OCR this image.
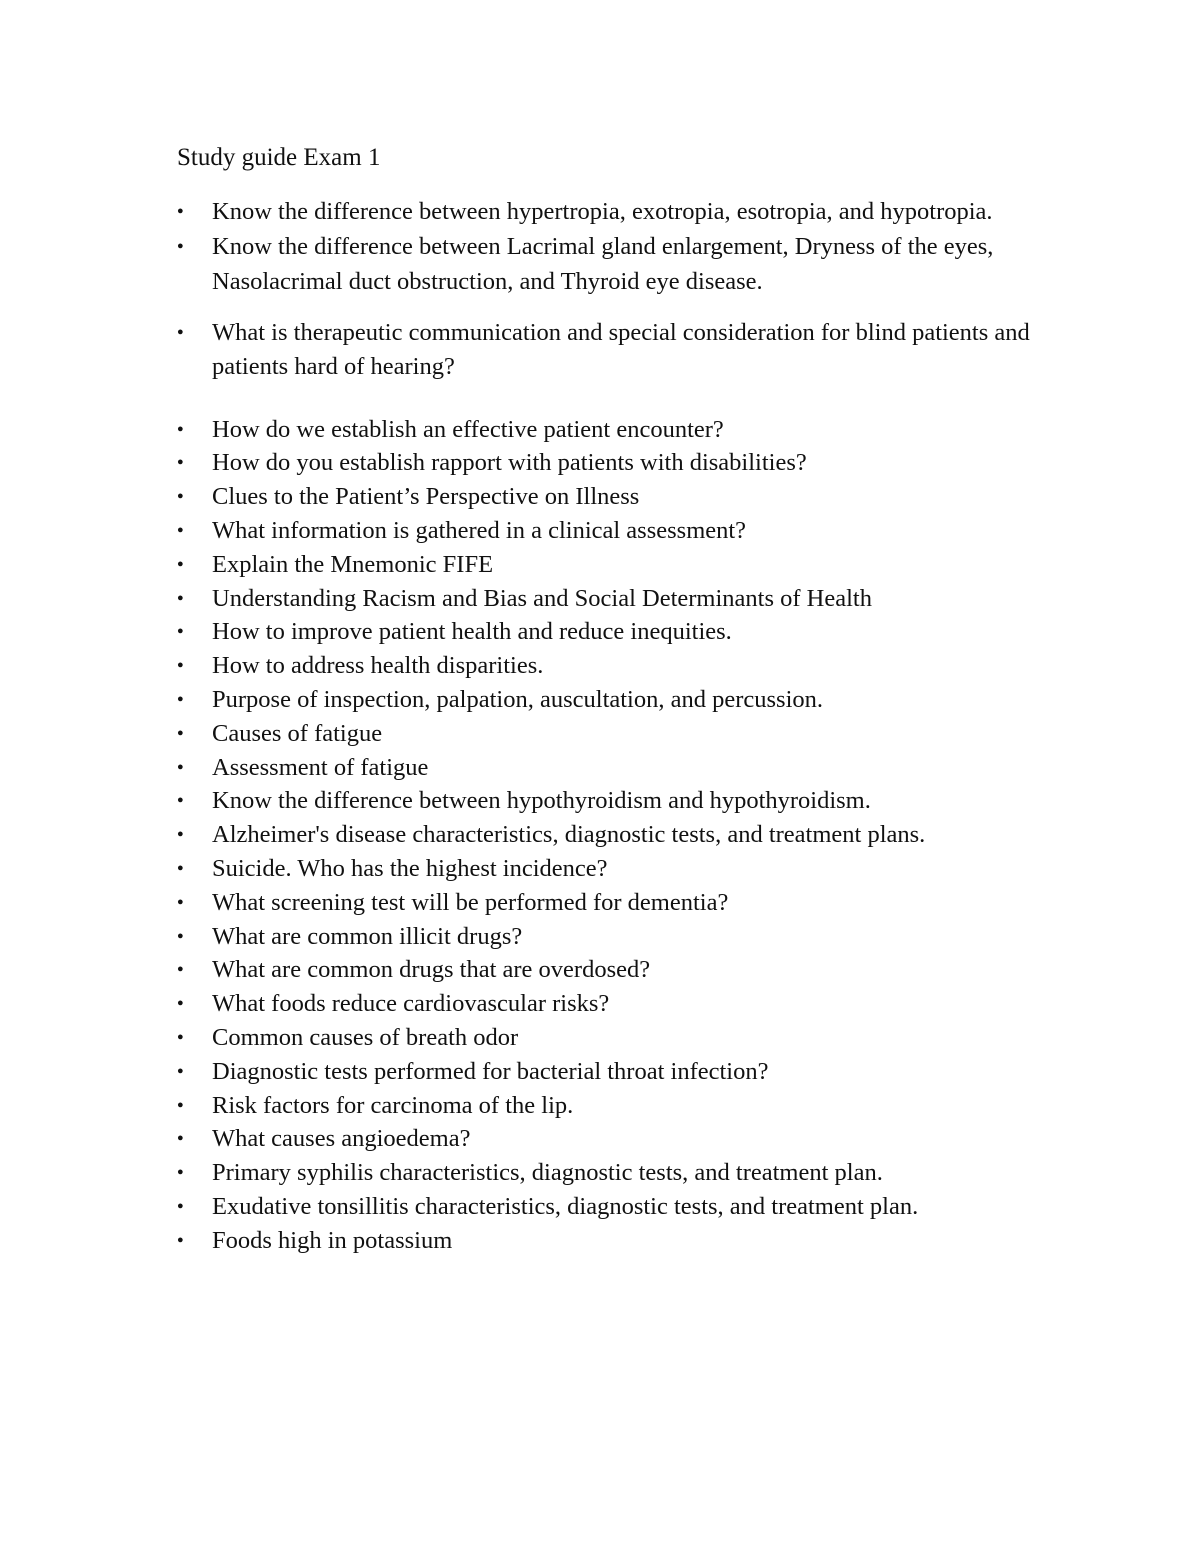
Study guide Exam 1
● Know the difference between hypertropia, exotropia, esotropia, and hypotropia.
● Know the difference between Lacrimal gland enlargement, Dryness of the eyes, Nasolacrimal duct obstruction, and Thyroid eye disease.
● What is therapeutic communication and special consideration for blind patients and patients hard of hearing?
● How do we establish an effective patient encounter?
● How do you establish rapport with patients with disabilities?
● Clues to the Patient’s Perspective on Illness
● What information is gathered in a clinical assessment?
● Explain the Mnemonic FIFE
● Understanding Racism and Bias and Social Determinants of Health
● How to improve patient health and reduce inequities.
● How to address health disparities.
● Purpose of inspection, palpation, auscultation, and percussion.
● Causes of fatigue
● Assessment of fatigue
● Know the difference between hypothyroidism and hypothyroidism.
● Alzheimer's disease characteristics, diagnostic tests, and treatment plans.
● Suicide. Who has the highest incidence?
● What screening test will be performed for dementia?
● What are common illicit drugs?
● What are common drugs that are overdosed?
● What foods reduce cardiovascular risks?
● Common causes of breath odor
● Diagnostic tests performed for bacterial throat infection?
● Risk factors for carcinoma of the lip.
● What causes angioedema?
● Primary syphilis characteristics, diagnostic tests, and treatment plan.
● Exudative tonsillitis characteristics, diagnostic tests, and treatment plan.
● Foods high in potassium
